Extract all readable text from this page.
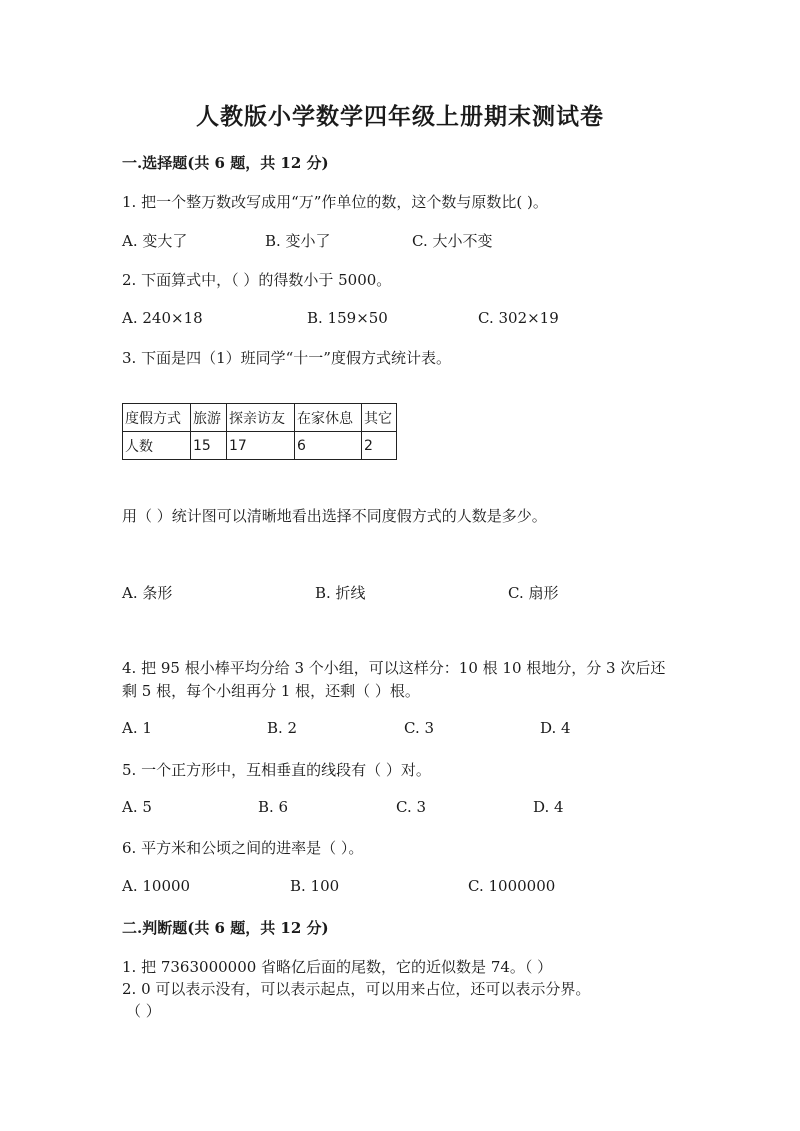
人教版小学数学四年级上册期末测试卷
一.选择题(共 6 题，共 12 分)
1. 把一个整万数改写成用“万”作单位的数，这个数与原数比( )。
A. 变大了	B. 变小了	C. 大小不变
2. 下面算式中，（ ）的得数小于 5000。
A. 240×18	B. 159×50	C. 302×19
3. 下面是四（1）班同学“十一”度假方式统计表。
度假方式	旅游	探亲访友	在家休息	其它
人数	15	17	6	2
用（ ）统计图可以清晰地看出选择不同度假方式的人数是多少。
A. 条形	B. 折线	C. 扇形
4. 把 95 根小棒平均分给 3 个小组，可以这样分：10 根 10 根地分，分 3 次后还
剩 5 根，每个小组再分 1 根，还剩（ ）根。
A. 1	B. 2	C. 3	D. 4
5. 一个正方形中，互相垂直的线段有（ ）对。
A. 5	B. 6	C. 3	D. 4
6. 平方米和公顷之间的进率是（ ）。
A. 10000	B. 100	C. 1000000
二.判断题(共 6 题，共 12 分)
1. 把 7363000000 省略亿后面的尾数，它的近似数是 74。（ ）
2. 0 可以表示没有，可以表示起点，可以用来占位，还可以表示分界。
（ ）
